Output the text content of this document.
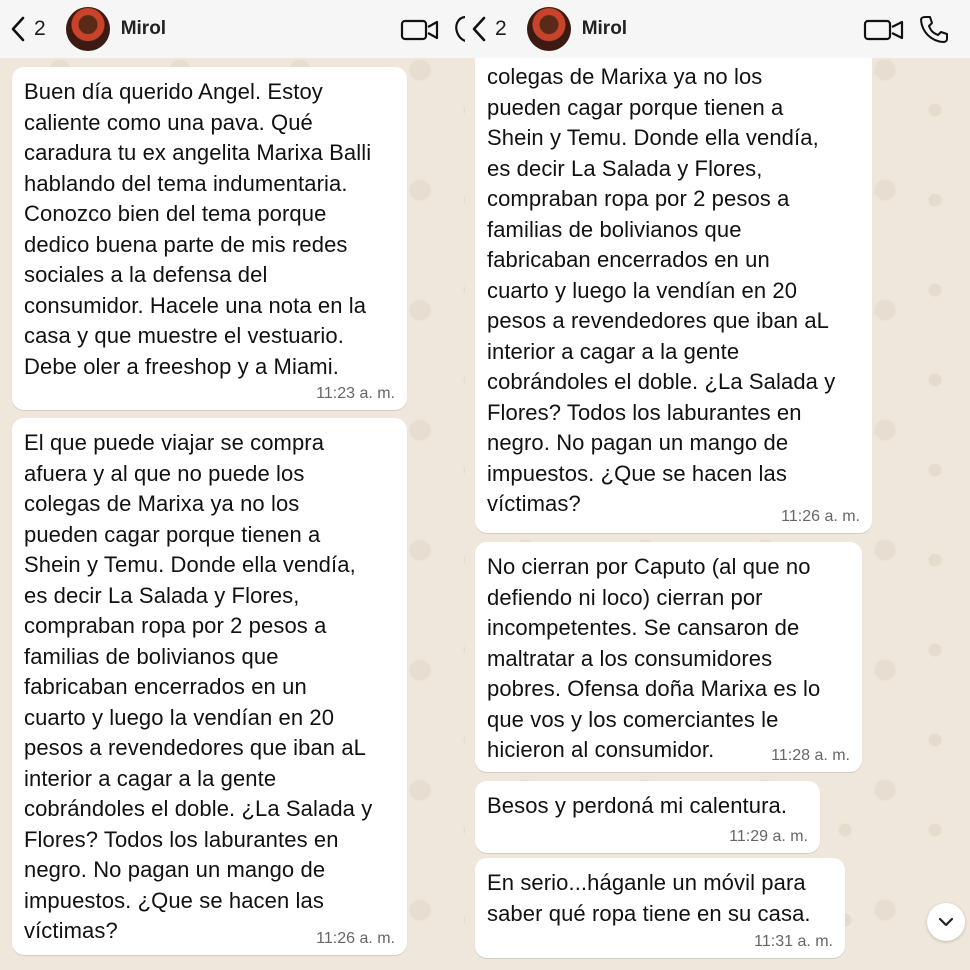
Buen día querido Angel. Estoy
caliente como una pava. Qué
caradura tu ex angelita Marixa Balli
hablando del tema indumentaria.
Conozco bien del tema porque
dedico buena parte de mis redes
sociales a la defensa del
consumidor. Hacele una nota en la
casa y que muestre el vestuario.
Debe oler a freeshop y a Miami.
11:23 a. m.
El que puede viajar se compra
afuera y al que no puede los
colegas de Marixa ya no los
pueden cagar porque tienen a
Shein y Temu. Donde ella vendía,
es decir La Salada y Flores,
compraban ropa por 2 pesos a
familias de bolivianos que
fabricaban encerrados en un
cuarto y luego la vendían en 20
pesos a revendedores que iban aL
interior a cagar a la gente
cobrándoles el doble. ¿La Salada y
Flores? Todos los laburantes en
negro. No pagan un mango de
impuestos. ¿Que se hacen las
víctimas?	11:26 a. m.
2	Mirol
colegas de Marixa ya no los
pueden cagar porque tienen a
Shein y Temu. Donde ella vendía,
es decir La Salada y Flores,
compraban ropa por 2 pesos a
familias de bolivianos que
fabricaban encerrados en un
cuarto y luego la vendían en 20
pesos a revendedores que iban aL
interior a cagar a la gente
cobrándoles el doble. ¿La Salada y
Flores? Todos los laburantes en
negro. No pagan un mango de
impuestos. ¿Que se hacen las
víctimas?
11:26 a. m.
No cierran por Caputo (al que no
defiendo ni loco) cierran por
incompetentes. Se cansaron de
maltratar a los consumidores
pobres. Ofensa doña Marixa es lo
que vos y los comerciantes le
hicieron al consumidor.	11:28 a. m.
Besos y perdoná mi calentura.
11:29 a. m.
En serio...háganle un móvil para
saber qué ropa tiene en su casa.
11:31 a. m.
2	Mirol
